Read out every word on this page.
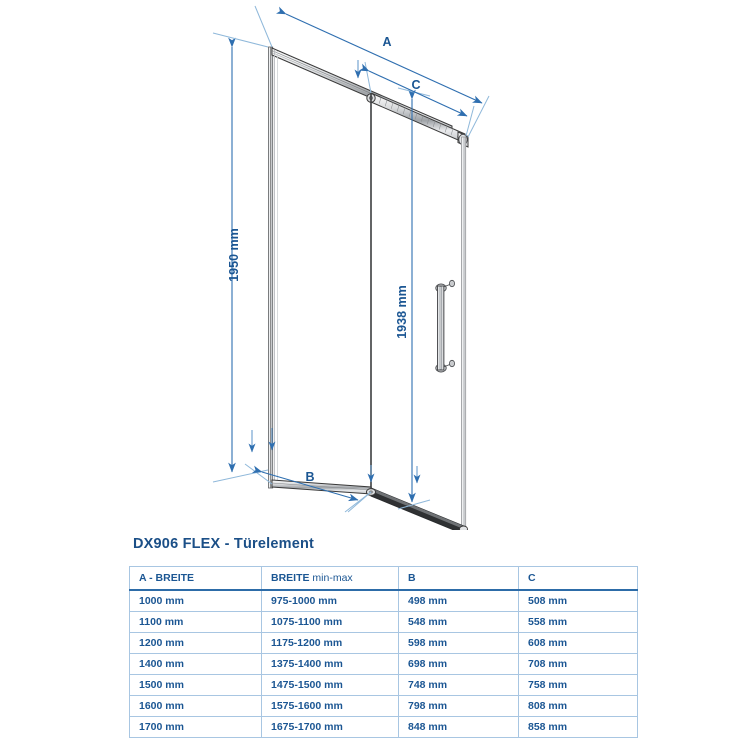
1950 mm
1938 mm
A
C
B
DX906 FLEX - Türelement
A - BREITE	BREITE min-max	B	C
1000 mm	975-1000 mm	498 mm	508 mm
1100 mm	1075-1100 mm	548 mm	558 mm
1200 mm	1175-1200 mm	598 mm	608 mm
1400 mm	1375-1400 mm	698 mm	708 mm
1500 mm	1475-1500 mm	748 mm	758 mm
1600 mm	1575-1600 mm	798 mm	808 mm
1700 mm	1675-1700 mm	848 mm	858 mm
